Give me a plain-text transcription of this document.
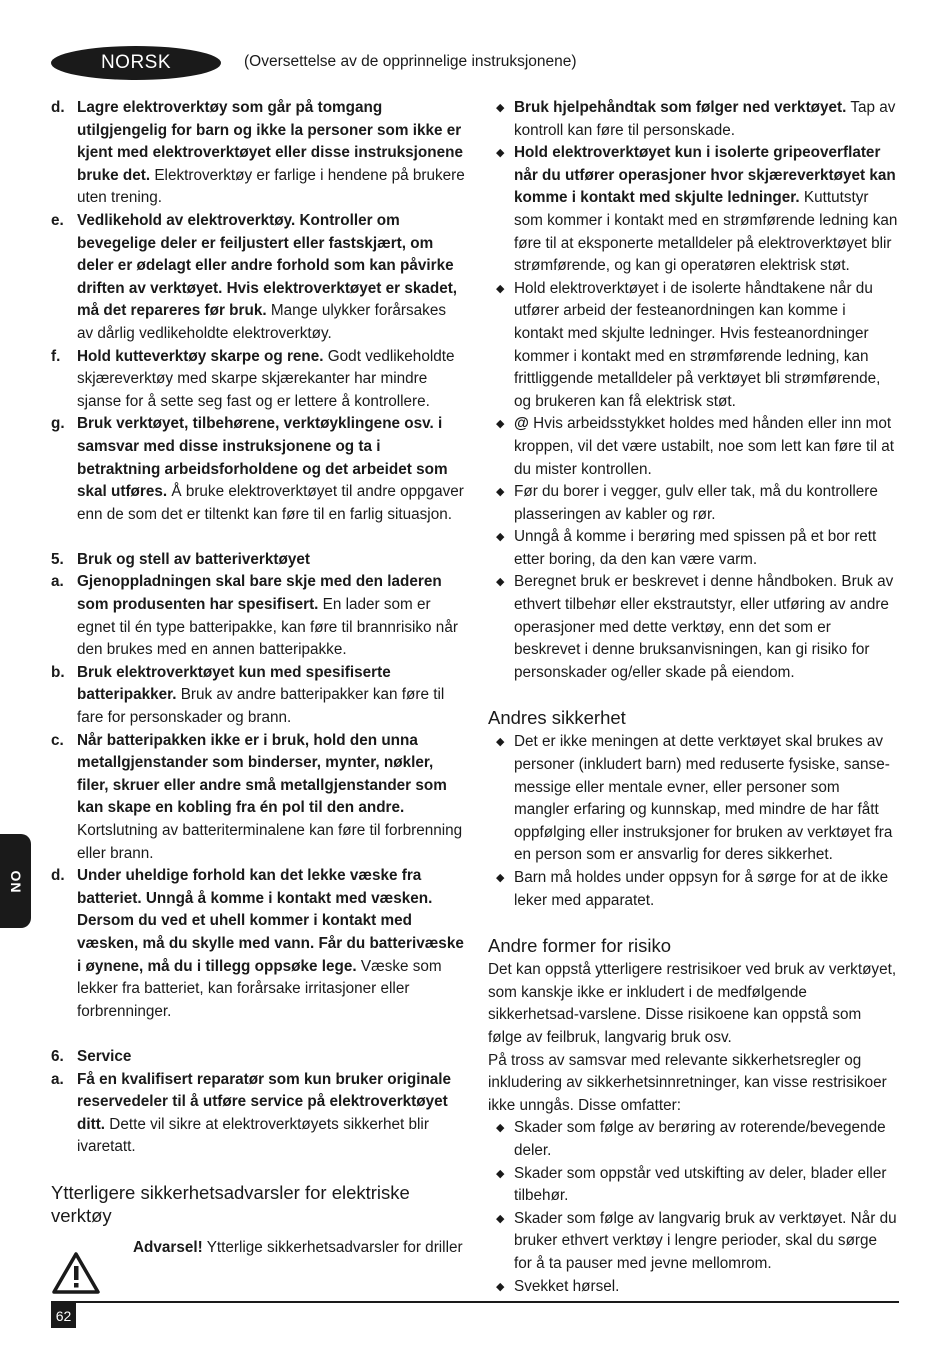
NORSK	(Oversettelse av de opprinnelige instruksjonene)
NO
d. Lagre elektroverktøy som går på tomgang utilgjengelig for barn og ikke la personer som ikke er kjent med elektroverktøyet eller disse instruksjonene bruke det. Elektroverktøy er farlige i hendene på brukere uten trening.
e. Vedlikehold av elektroverktøy. Kontroller om bevegelige deler er feiljustert eller fastskjært, om deler er ødelagt eller andre forhold som kan påvirke driften av verktøyet. Hvis elektroverktøyet er skadet, må det repareres før bruk. Mange ulykker forårsakes av dårlig vedlikeholdte elektroverktøy.
f.	Hold kutteverktøy skarpe og rene. Godt vedlikeholdte skjæreverktøy med skarpe skjærekanter har mindre sjanse for å sette seg fast og er lettere å kontrollere.
g. Bruk verktøyet, tilbehørene, verktøyklingene osv. i samsvar med disse instruksjonene og ta i betraktning arbeidsforholdene og det arbeidet som skal utføres. Å bruke elektroverktøyet til andre oppgaver enn de som det er tiltenkt kan føre til en farlig situasjon.
5. Bruk og stell av batteriverktøyet
a. Gjenoppladningen skal bare skje med den laderen som produsenten har spesifisert. En lader som er egnet til én type batteripakke, kan føre til brannrisiko når den brukes med en annen batteripakke.
b. Bruk elektroverktøyet kun med spesifiserte batteripakker. Bruk av andre batteripakker kan føre til fare for personskader og brann.
c. Når batteripakken ikke er i bruk, hold den unna metallgjenstander som binderser, mynter, nøkler, filer, skruer eller andre små metallgjenstander som kan skape en kobling fra én pol til den andre. Kortslutning av batteriterminalene kan føre til forbrenning eller brann.
d. Under uheldige forhold kan det lekke væske fra batteriet. Unngå å komme i kontakt med væsken. Dersom du ved et uhell kommer i kontakt med væsken, må du skylle med vann. Får du batterivæske i øynene, må du i tillegg oppsøke lege. Væske som lekker fra batteriet, kan forårsake irritasjoner eller forbrenninger.
6. Service
a. Få en kvalifisert reparatør som kun bruker originale reservedeler til å utføre service på elektroverktøyet ditt. Dette vil sikre at elektroverktøyets sikkerhet blir ivaretatt.
Ytterligere sikkerhetsadvarsler for elektriske verktøy
Advarsel! Ytterlige sikkerhetsadvarsler for driller
◆ Bruk hjelpehåndtak som følger ned verktøyet. Tap av kontroll kan føre til personskade.
◆ Hold elektroverktøyet kun i isolerte gripeoverflater når du utfører operasjoner hvor skjæreverktøyet kan komme i kontakt med skjulte ledninger. Kuttutstyr som kommer i kontakt med en strømførende ledning kan føre til at eksponerte metalldeler på elektroverktøyet blir strømførende, og kan gi operatøren elektrisk støt.
◆ Hold elektroverktøyet i de isolerte håndtakene når du utfører arbeid der festeanordningen kan komme i kontakt med skjulte ledninger. Hvis festeanordninger kommer i kontakt med en strømførende ledning, kan frittliggende metalldeler på verktøyet bli strømførende, og brukeren kan få elektrisk støt.
◆ @ Hvis arbeidsstykket holdes med hånden eller inn mot kroppen, vil det være ustabilt, noe som lett kan føre til at du mister kontrollen.
◆ Før du borer i vegger, gulv eller tak, må du kontrollere plasseringen av kabler og rør.
◆ Unngå å komme i berøring med spissen på et bor rett etter boring, da den kan være varm.
◆ Beregnet bruk er beskrevet i denne håndboken. Bruk av ethvert tilbehør eller ekstrautstyr, eller utføring av andre operasjoner med dette verktøy, enn det som er beskrevet i denne bruksanvisningen, kan gi risiko for personskader og/eller skade på eiendom.
Andres sikkerhet
◆ Det er ikke meningen at dette verktøyet skal brukes av personer (inkludert barn) med reduserte fysiske, sanse-messige eller mentale evner, eller personer som mangler erfaring og kunnskap, med mindre de har fått oppfølging eller instruksjoner for bruken av verktøyet fra en person som er ansvarlig for deres sikkerhet.
◆ Barn må holdes under oppsyn for å sørge for at de ikke leker med apparatet.
Andre former for risiko
Det kan oppstå ytterligere restrisikoer ved bruk av verktøyet, som kanskje ikke er inkludert i de medfølgende sikkerhetsad-varslene. Disse risikoene kan oppstå som følge av feilbruk, langvarig bruk osv.
På tross av samsvar med relevante sikkerhetsregler og inkludering av sikkerhetsinnretninger, kan visse restrisikoer ikke unngås. Disse omfatter:
◆ Skader som følge av berøring av roterende/bevegende deler.
◆ Skader som oppstår ved utskifting av deler, blader eller tilbehør.
◆ Skader som følge av langvarig bruk av verktøyet. Når du bruker ethvert verktøy i lengre perioder, skal du sørge for å ta pauser med jevne mellomrom.
◆ Svekket hørsel.
62
